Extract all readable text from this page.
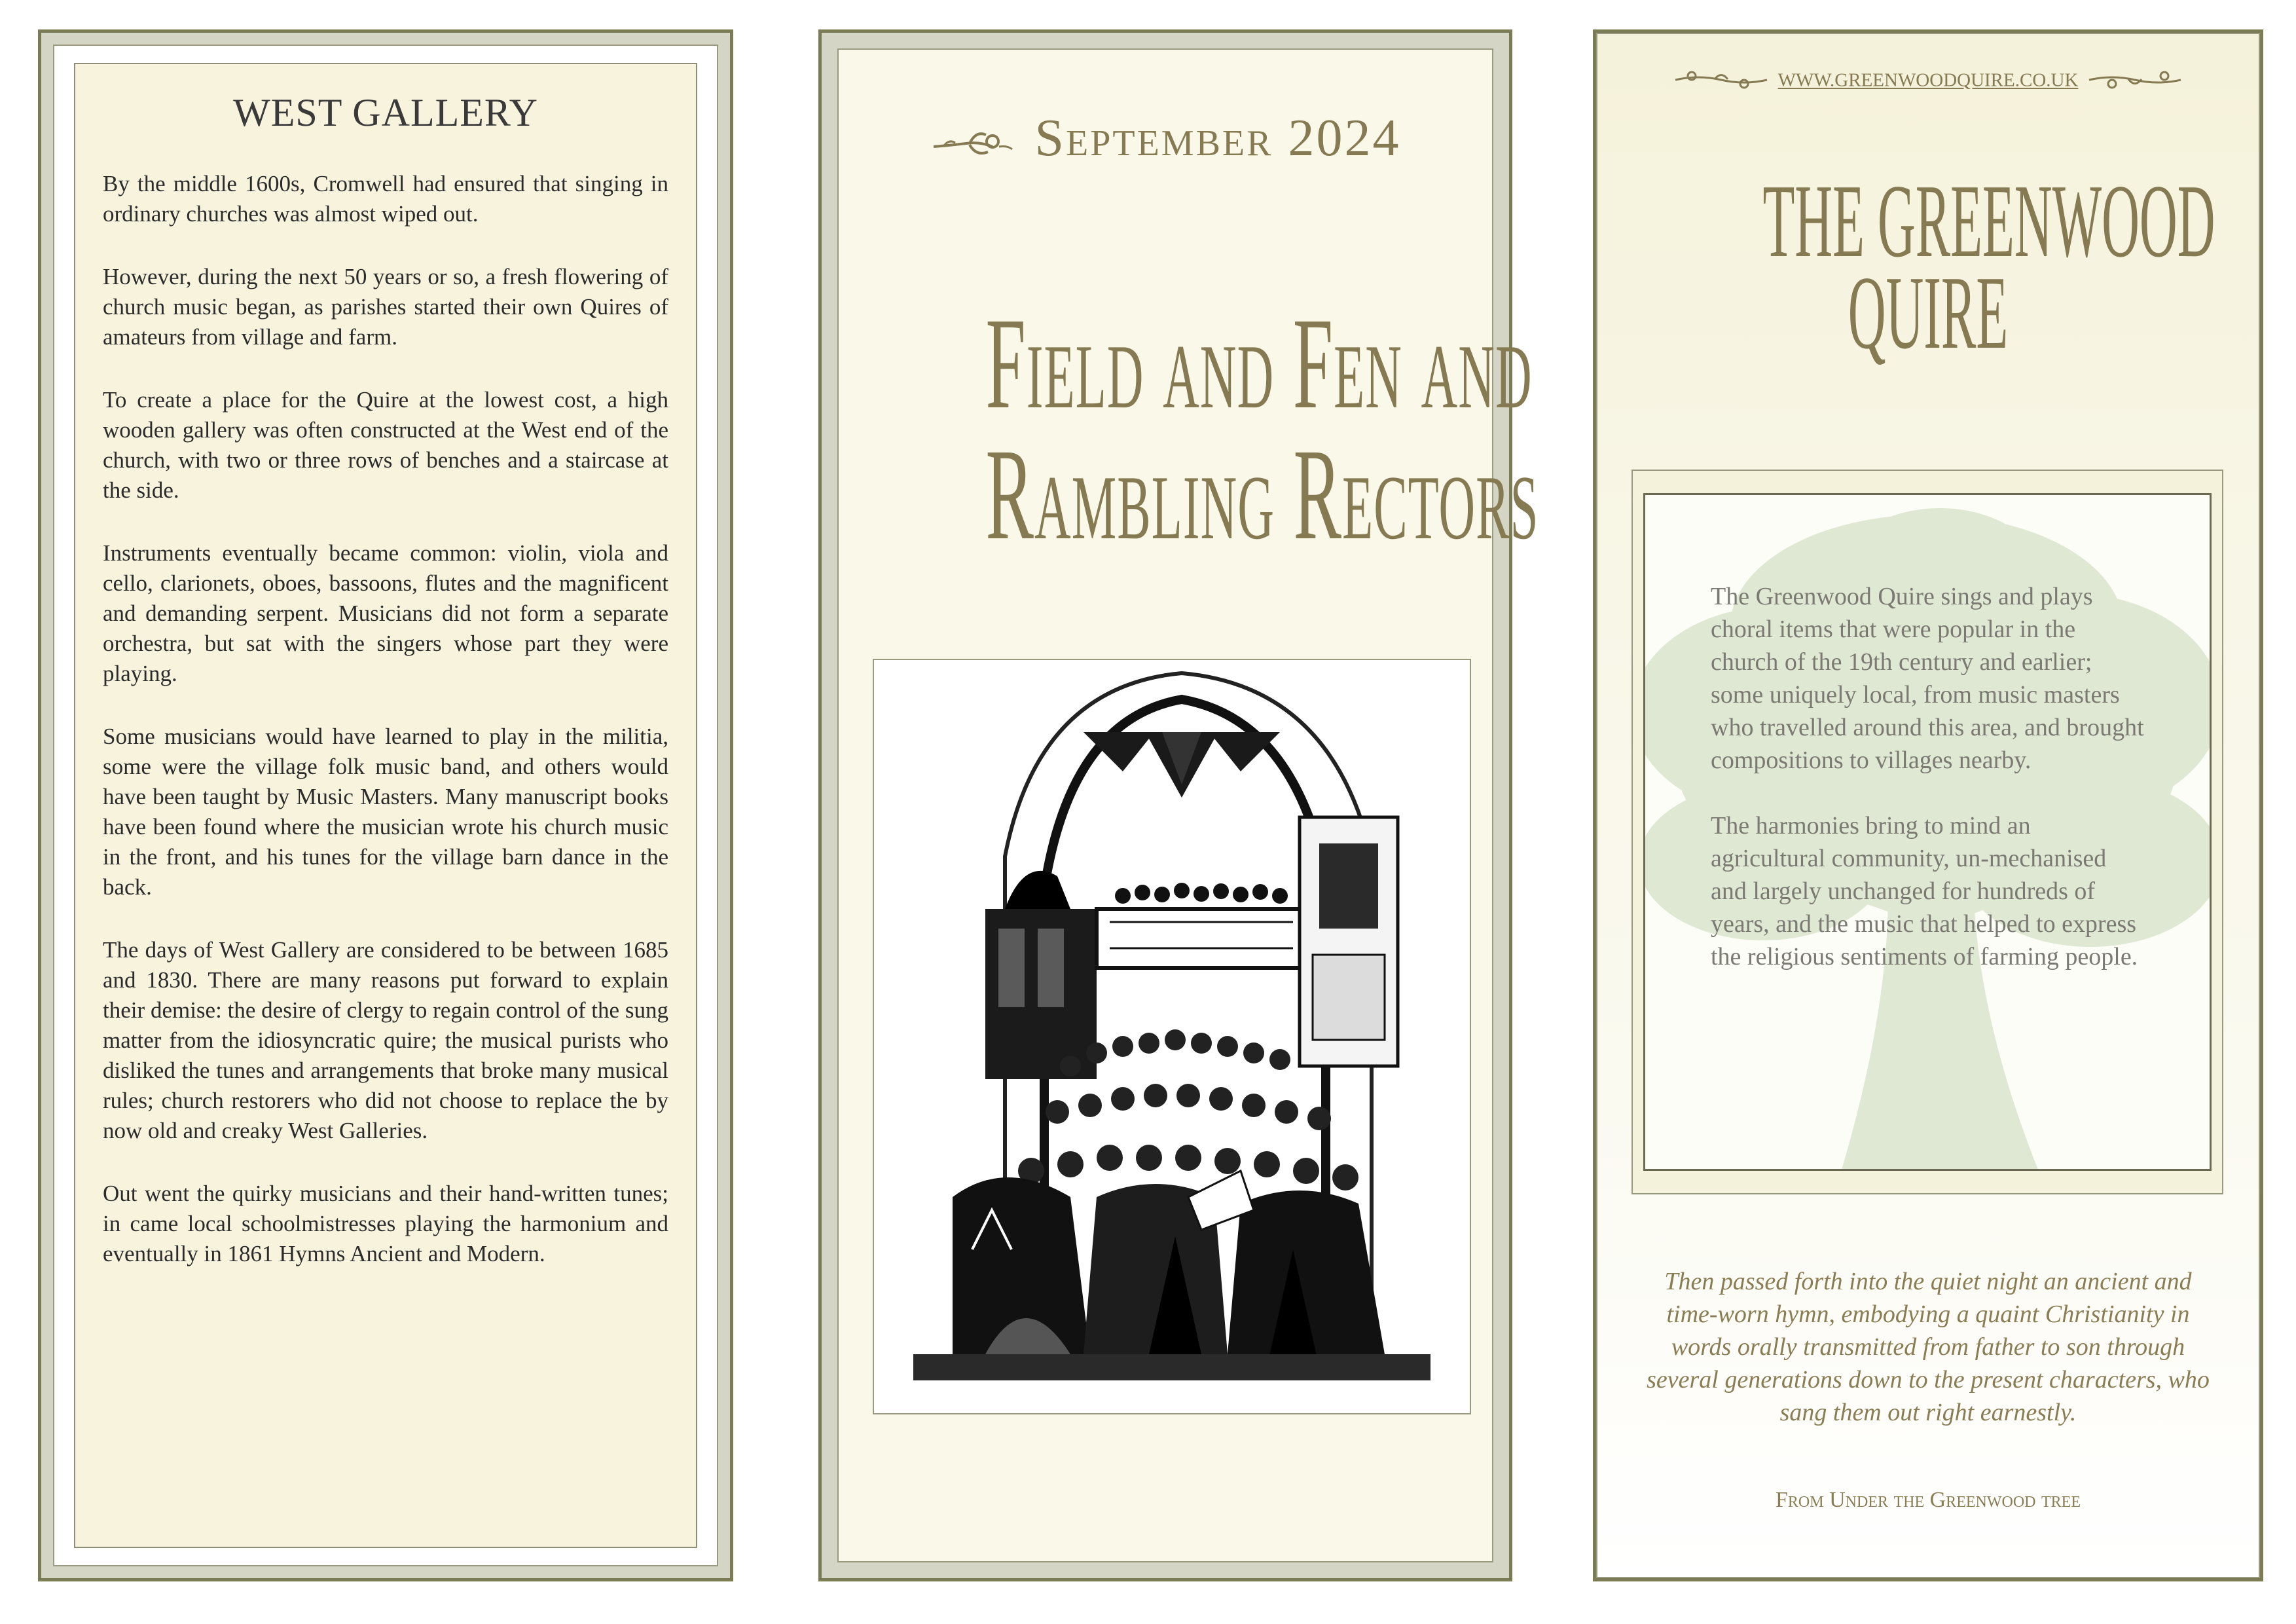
WEST GALLERY

By the middle 1600s, Cromwell had ensured that singing in ordinary churches was almost wiped out.

However, during the next 50 years or so, a fresh flowering of church music began, as parishes started their own Quires of amateurs from village and farm.

To create a place for the Quire at the lowest cost, a high wooden gallery was often constructed at the West end of the church, with two or three rows of benches and a staircase at the side.

Instruments eventually became common: violin, viola and cello, clarionets, oboes, bassoons, flutes and the magnificent and demanding serpent. Musicians did not form a separate orchestra, but sat with the singers whose part they were playing.

Some musicians would have learned to play in the militia, some were the village folk music band, and others would have been taught by Music Masters. Many manuscript books have been found where the musician wrote his church music in the front, and his tunes for the village barn dance in the back.

The days of West Gallery are considered to be between 1685 and 1830. There are many reasons put forward to explain their demise: the desire of clergy to regain control of the sung matter from the idiosyncratic quire; the musical purists who disliked the tunes and arrangements that broke many musical rules; church restorers who did not choose to replace the by now old and creaky West Galleries.

Out went the quirky musicians and their hand-written tunes; in came local schoolmistresses playing the harmonium and eventually in 1861 Hymns Ancient and Modern.

September 2024
Field and Fen and
Rambling Rectors
WWW.GREENWOODQUIRE.CO.UK
THE GREENWOOD
QUIRE

The Greenwood Quire sings and plays choral items that were popular in the church of the 19th century and earlier; some uniquely local, from music masters who travelled around this area, and brought compositions to villages nearby.

The harmonies bring to mind an agricultural community, un-mechanised and largely unchanged for hundreds of years, and the music that helped to express the religious sentiments of farming people.

Then passed forth into the quiet night an ancient and time-worn hymn, embodying a quaint Christianity in words orally transmitted from father to son through several generations down to the present characters, who sang them out right earnestly.
From Under the Greenwood tree
